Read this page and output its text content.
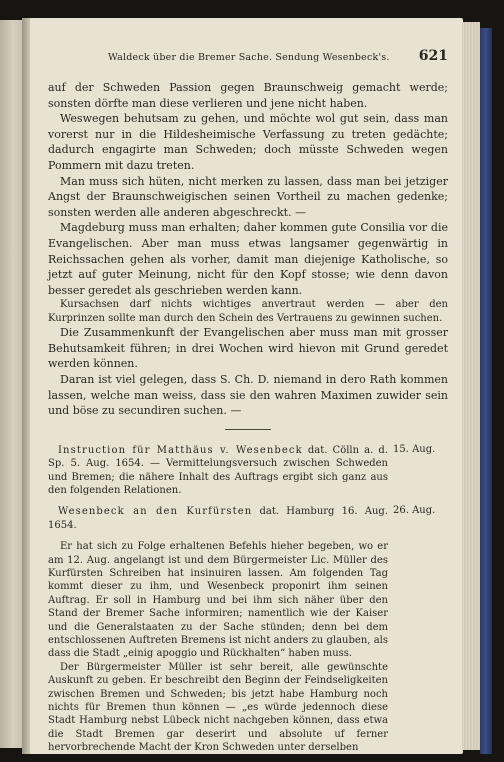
Waldeck über die Bremer Sache. Sendung Wesenbeck's. 621

auf der Schweden Passion gegen Braunschweig gemacht werde; sonsten dörfte man diese verlieren und jene nicht haben.

Weswegen behutsam zu gehen, und möchte wol gut sein, dass man vorerst nur in die Hildesheimische Verfassung zu treten gedächte; dadurch engagirte man Schweden; doch müsste Schweden wegen Pommern mit dazu treten.

Man muss sich hüten, nicht merken zu lassen, dass man bei jetziger Angst der Braunschweigischen seinen Vortheil zu machen gedenke; sonsten werden alle anderen abgeschreckt. —

Magdeburg muss man erhalten; daher kommen gute Consilia vor die Evangelischen. Aber man muss etwas langsamer gegenwärtig in Reichssachen gehen als vorher, damit man diejenige Katholische, so jetzt auf guter Meinung, nicht für den Kopf stosse; wie denn davon besser geredet als geschrieben werden kann.

Kursachsen darf nichts wichtiges anvertraut werden — aber den Kurprinzen sollte man durch den Schein des Vertrauens zu gewinnen suchen.

Die Zusammenkunft der Evangelischen aber muss man mit grosser Behutsamkeit führen; in drei Wochen wird hievon mit Grund geredet werden können.

Daran ist viel gelegen, dass S. Ch. D. niemand in dero Rath kommen lassen, welche man weiss, dass sie den wahren Maximen zuwider sein und böse zu secundiren suchen. —

Instruction für Matthäus v. Wesenbeck dat. Cölln a. d. Sp. 5. Aug. 1654. — Vermittelungsversuch zwischen Schweden und Bremen; die nähere Inhalt des Auftrags ergibt sich ganz aus den folgenden Relationen.
15. Aug.
Wesenbeck an den Kurfürsten dat. Hamburg 16. Aug. 1654.
26. Aug.

Er hat sich zu Folge erhaltenen Befehls hieher begeben, wo er am 12. Aug. angelangt ist und dem Bürgermeister Lic. Müller des Kurfürsten Schreiben hat insinuiren lassen. Am folgenden Tag kommt dieser zu ihm, und Wesenbeck proponirt ihm seinen Auftrag. Er soll in Hamburg und bei ihm sich näher über den Stand der Bremer Sache informiren; namentlich wie der Kaiser und die Generalstaaten zu der Sache stünden; denn bei dem entschlossenen Auftreten Bremens ist nicht anders zu glauben, als dass die Stadt „einig apoggio und Rückhalten“ haben muss.

Der Bürgermeister Müller ist sehr bereit, alle gewünschte Auskunft zu geben. Er beschreibt den Beginn der Feindseligkeiten zwischen Bremen und Schweden; bis jetzt habe Hamburg noch nichts für Bremen thun können — „es würde jedennoch diese Stadt Hamburg nebst Lübeck nicht nachgeben können, dass etwa die Stadt Bremen gar deserirt und absolute uf ferner hervorbrechende Macht der Kron Schweden unter derselben
